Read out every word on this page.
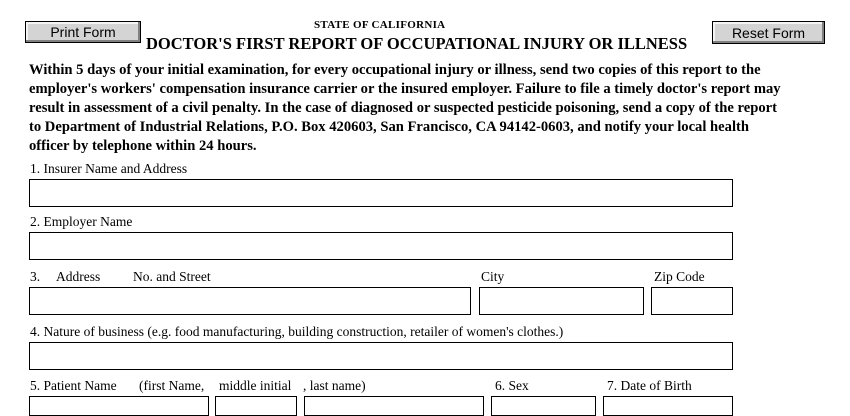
Print Form	Reset Form
STATE OF CALIFORNIA
DOCTOR'S FIRST REPORT OF OCCUPATIONAL INJURY OR ILLNESS
Within 5 days of your initial examination, for every occupational injury or illness, send two copies of this report to the
employer's workers' compensation insurance carrier or the insured employer. Failure to file a timely doctor's report may
result in assessment of a civil penalty. In the case of diagnosed or suspected pesticide poisoning, send a copy of the report
to Department of Industrial Relations, P.O. Box 420603, San Francisco, CA 94142-0603, and notify your local health
officer by telephone within 24 hours.
1. Insurer Name and Address
2. Employer Name
3. Address No. and Street	City	Zip Code
4. Nature of business (e.g. food manufacturing, building construction, retailer of women's clothes.)
5. Patient Name (first Name, middle initial , last name)	6. Sex	7. Date of Birth
